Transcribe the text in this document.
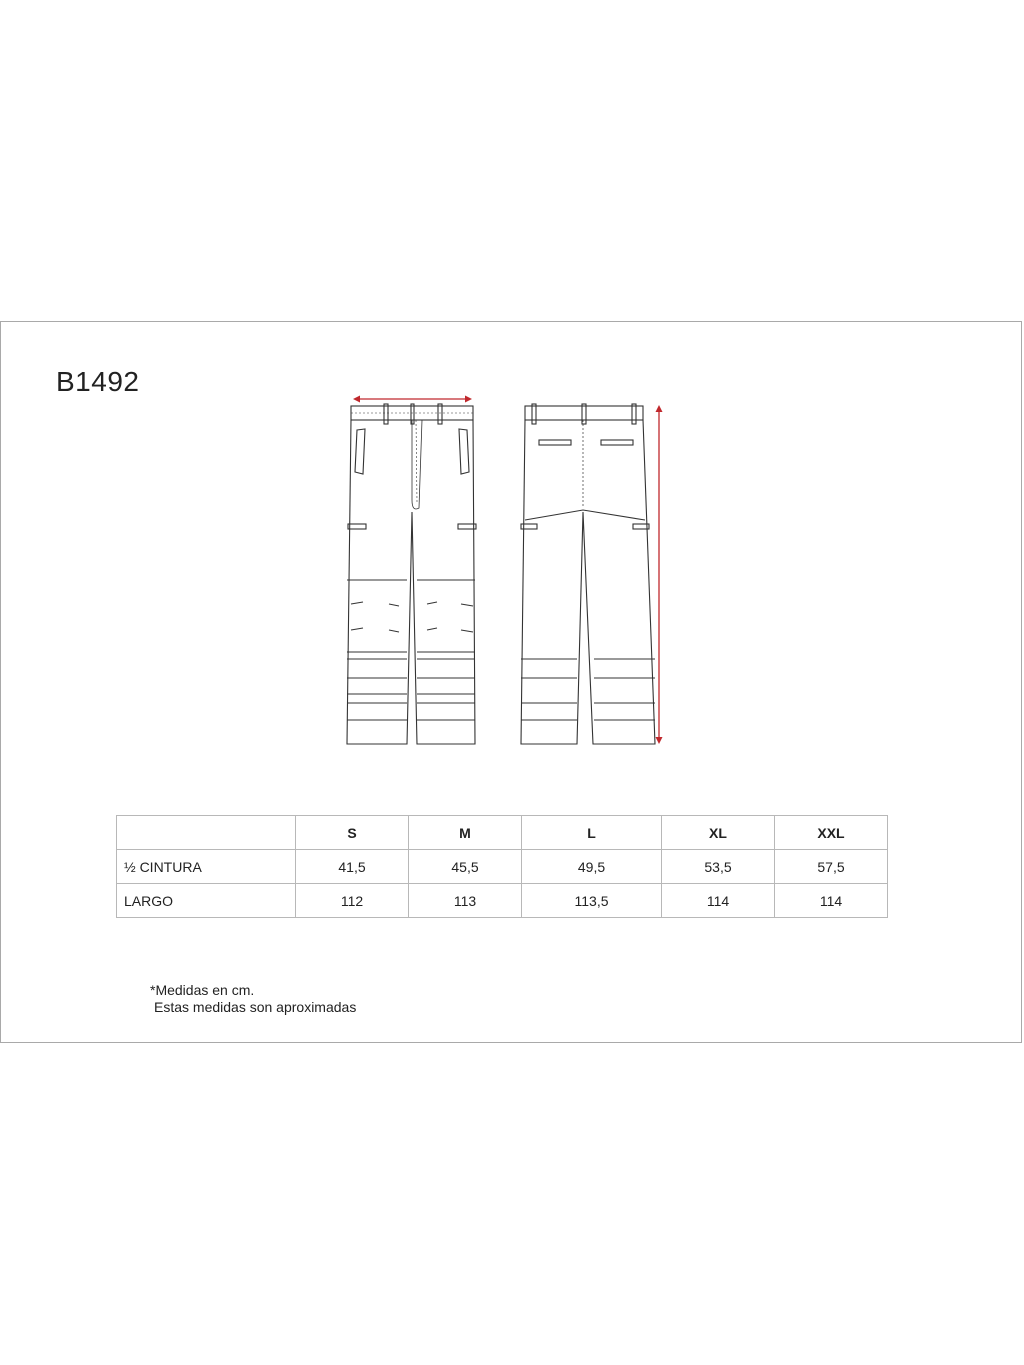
B1492
	S	M	L	XL	XXL
½ CINTURA	41,5	45,5	49,5	53,5	57,5
LARGO	112	113	113,5	114	114
*Medidas en cm.
Estas medidas son aproximadas
